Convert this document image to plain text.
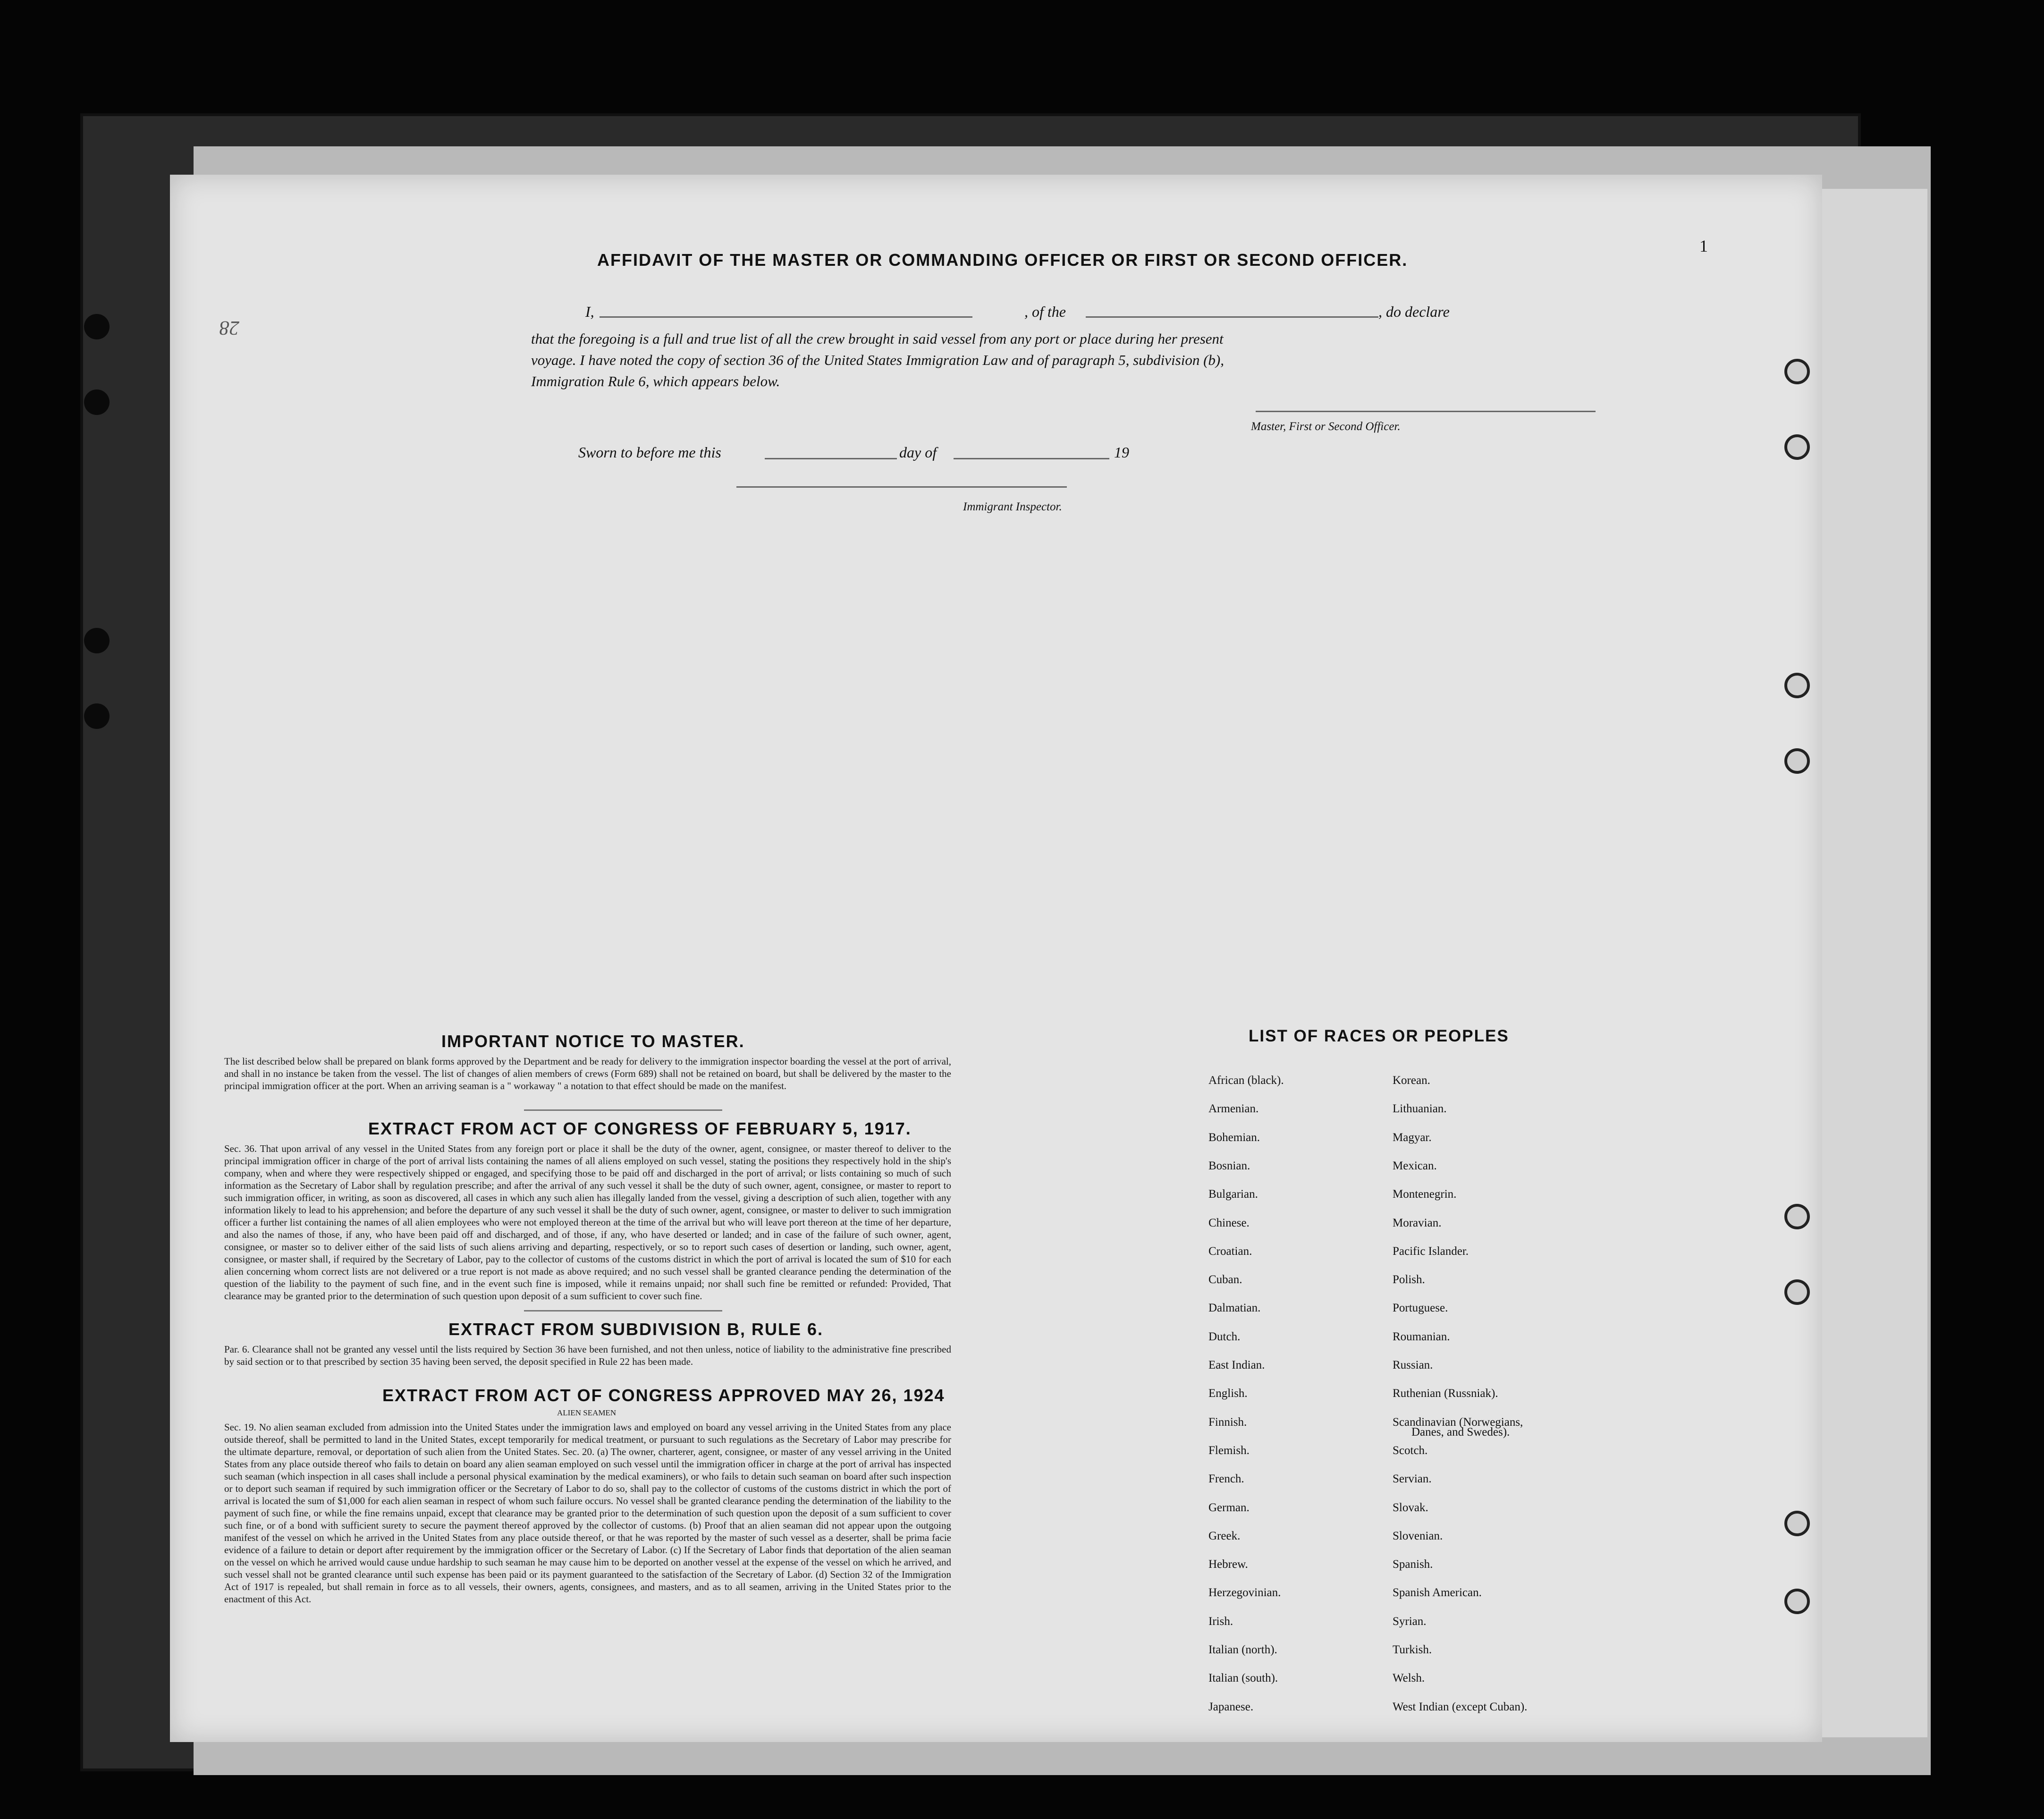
28
1
AFFIDAVIT OF THE MASTER OR COMMANDING OFFICER OR FIRST OR SECOND OFFICER.
I,	, of the	, do declare
that the foregoing is a full and true list of all the crew brought in said vessel from any port or place during her present
voyage. I have noted the copy of section 36 of the United States Immigration Law and of paragraph 5, subdivision (b),
Immigration Rule 6, which appears below.
Master, First or Second Officer.
Sworn to before me this	day of	19
Immigrant Inspector.
IMPORTANT NOTICE TO MASTER.
The list described below shall be prepared on blank forms approved by the Department and be ready for delivery to the immigration inspector boarding the vessel at the port of arrival, and shall in no instance be taken from the vessel. The list of changes of alien members of crews (Form 689) shall not be retained on board, but shall be delivered by the master to the principal immigration officer at the port. When an arriving seaman is a " workaway " a notation to that effect should be made on the manifest.
EXTRACT FROM ACT OF CONGRESS OF FEBRUARY 5, 1917.
Sec. 36. That upon arrival of any vessel in the United States from any foreign port or place it shall be the duty of the owner, agent, consignee, or master thereof to deliver to the principal immigration officer in charge of the port of arrival lists containing the names of all aliens employed on such vessel, stating the positions they respectively hold in the ship's company, when and where they were respectively shipped or engaged, and specifying those to be paid off and discharged in the port of arrival; or lists containing so much of such information as the Secretary of Labor shall by regulation prescribe; and after the arrival of any such vessel it shall be the duty of such owner, agent, consignee, or master to report to such immigration officer, in writing, as soon as discovered, all cases in which any such alien has illegally landed from the vessel, giving a description of such alien, together with any information likely to lead to his apprehension; and before the departure of any such vessel it shall be the duty of such owner, agent, consignee, or master to deliver to such immigration officer a further list containing the names of all alien employees who were not employed thereon at the time of the arrival but who will leave port thereon at the time of her departure, and also the names of those, if any, who have been paid off and discharged, and of those, if any, who have deserted or landed; and in case of the failure of such owner, agent, consignee, or master so to deliver either of the said lists of such aliens arriving and departing, respectively, or so to report such cases of desertion or landing, such owner, agent, consignee, or master shall, if required by the Secretary of Labor, pay to the collector of customs of the customs district in which the port of arrival is located the sum of $10 for each alien concerning whom correct lists are not delivered or a true report is not made as above required; and no such vessel shall be granted clearance pending the determination of the question of the liability to the payment of such fine, and in the event such fine is imposed, while it remains unpaid; nor shall such fine be remitted or refunded: Provided, That clearance may be granted prior to the determination of such question upon deposit of a sum sufficient to cover such fine.
EXTRACT FROM SUBDIVISION B, RULE 6.
Par. 6. Clearance shall not be granted any vessel until the lists required by Section 36 have been furnished, and not then unless, notice of liability to the administrative fine prescribed by said section or to that prescribed by section 35 having been served, the deposit specified in Rule 22 has been made.
EXTRACT FROM ACT OF CONGRESS APPROVED MAY 26, 1924
ALIEN SEAMEN
Sec. 19. No alien seaman excluded from admission into the United States under the immigration laws and employed on board any vessel arriving in the United States from any place outside thereof, shall be permitted to land in the United States, except temporarily for medical treatment, or pursuant to such regulations as the Secretary of Labor may prescribe for the ultimate departure, removal, or deportation of such alien from the United States. Sec. 20. (a) The owner, charterer, agent, consignee, or master of any vessel arriving in the United States from any place outside thereof who fails to detain on board any alien seaman employed on such vessel until the immigration officer in charge at the port of arrival has inspected such seaman (which inspection in all cases shall include a personal physical examination by the medical examiners), or who fails to detain such seaman on board after such inspection or to deport such seaman if required by such immigration officer or the Secretary of Labor to do so, shall pay to the collector of customs of the customs district in which the port of arrival is located the sum of $1,000 for each alien seaman in respect of whom such failure occurs. No vessel shall be granted clearance pending the determination of the liability to the payment of such fine, or while the fine remains unpaid, except that clearance may be granted prior to the determination of such question upon the deposit of a sum sufficient to cover such fine, or of a bond with sufficient surety to secure the payment thereof approved by the collector of customs. (b) Proof that an alien seaman did not appear upon the outgoing manifest of the vessel on which he arrived in the United States from any place outside thereof, or that he was reported by the master of such vessel as a deserter, shall be prima facie evidence of a failure to detain or deport after requirement by the immigration officer or the Secretary of Labor. (c) If the Secretary of Labor finds that deportation of the alien seaman on the vessel on which he arrived would cause undue hardship to such seaman he may cause him to be deported on another vessel at the expense of the vessel on which he arrived, and such vessel shall not be granted clearance until such expense has been paid or its payment guaranteed to the satisfaction of the Secretary of Labor. (d) Section 32 of the Immigration Act of 1917 is repealed, but shall remain in force as to all vessels, their owners, agents, consignees, and masters, and as to all seamen, arriving in the United States prior to the enactment of this Act.
LIST OF RACES OR PEOPLES
African (black).
Armenian.
Bohemian.
Bosnian.
Bulgarian.
Chinese.
Croatian.
Cuban.
Dalmatian.
Dutch.
East Indian.
English.
Finnish.
Flemish.
French.
German.
Greek.
Hebrew.
Herzegovinian.
Irish.
Italian (north).
Italian (south).
Japanese.
Korean.
Lithuanian.
Magyar.
Mexican.
Montenegrin.
Moravian.
Pacific Islander.
Polish.
Portuguese.
Roumanian.
Russian.
Ruthenian (Russniak).
Scandinavian (Norwegians,
Scotch.
Servian.
Slovak.
Slovenian.
Spanish.
Spanish American.
Syrian.
Turkish.
Welsh.
West Indian (except Cuban).
Danes, and Swedes).
